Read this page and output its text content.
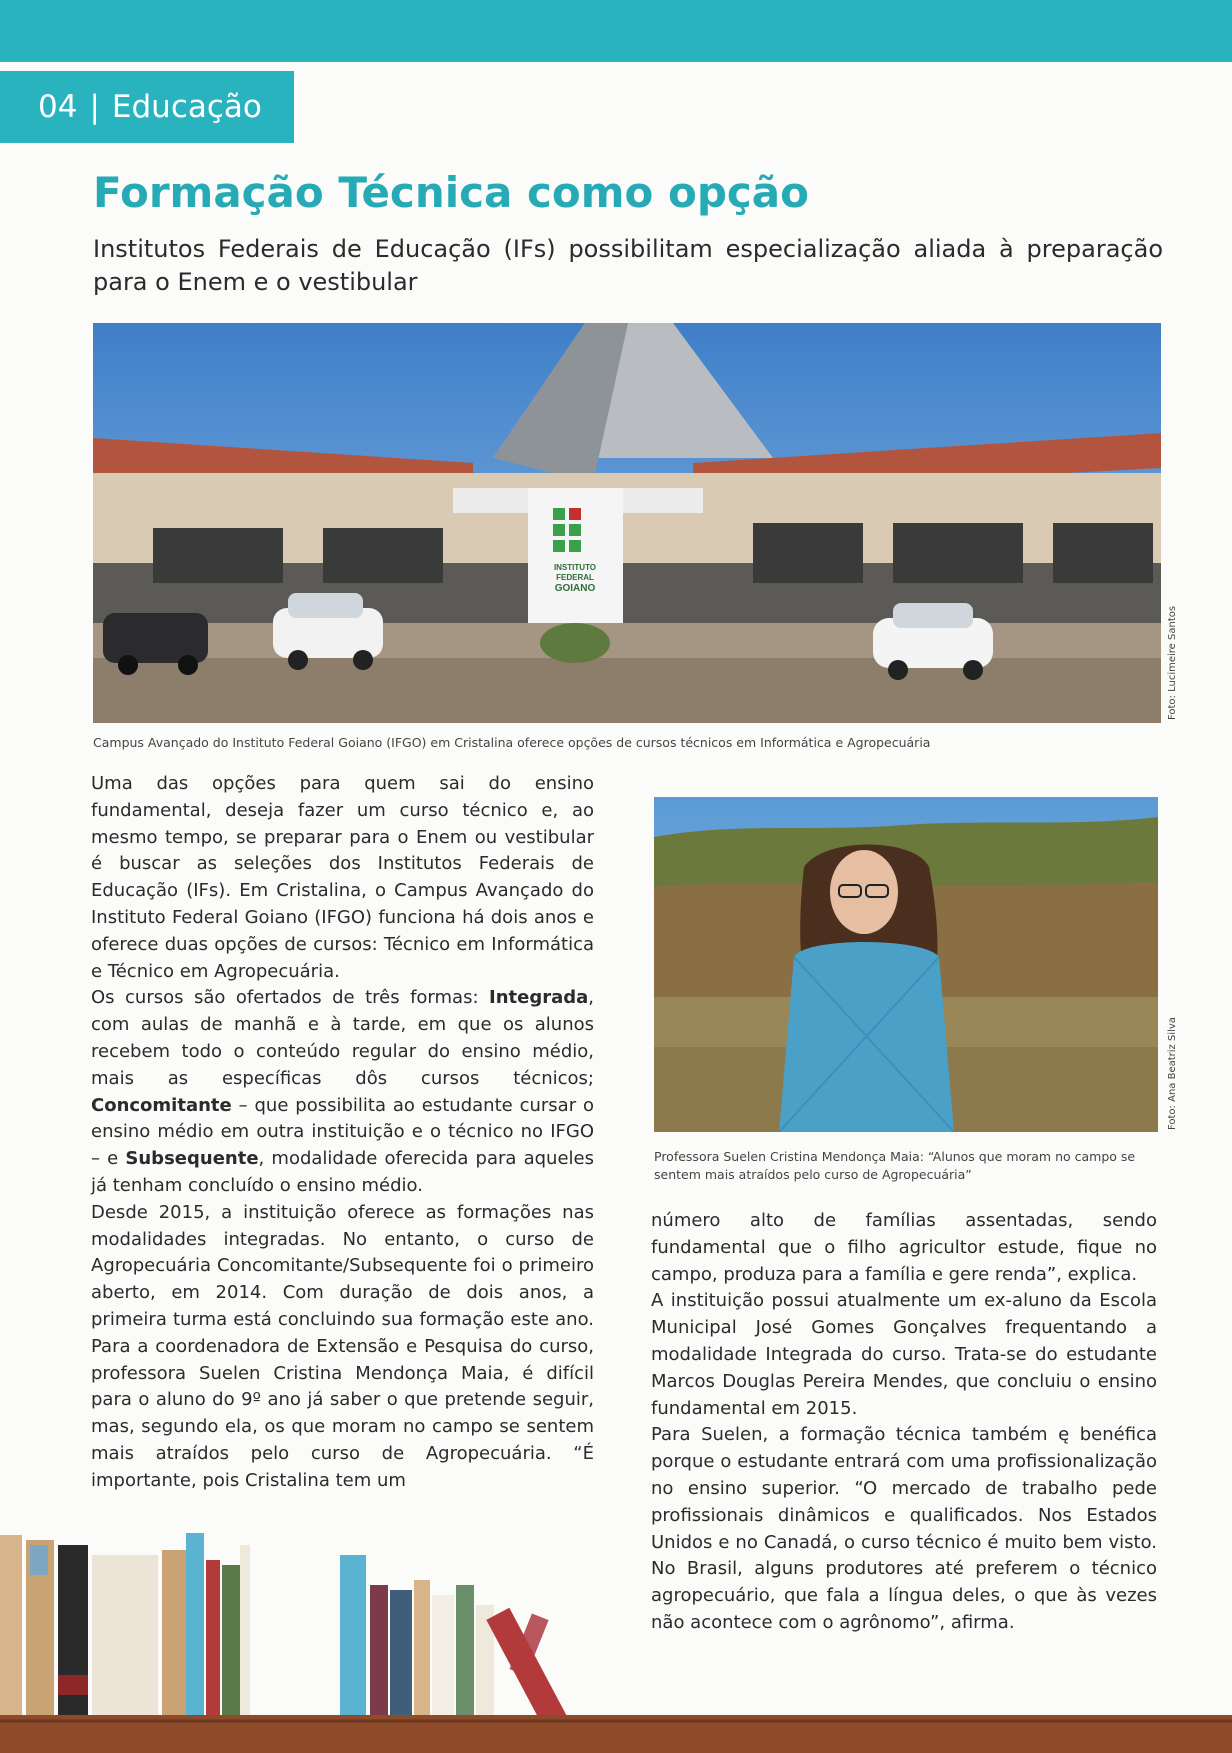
04 | Educação
Formação Técnica como opção

Institutos Federais de Educação (IFs) possibilitam especialização aliada à preparação para o Enem e o vestibular

INSTITUTO
FEDERAL
GOIANO
Foto: Lucimeire Santos

Campus Avançado do Instituto Federal Goiano (IFGO) em Cristalina oferece opções de cursos técnicos em Informática e Agropecuária

Uma das opções para quem sai do ensino fundamental, deseja fazer um curso técnico e, ao mesmo tempo, se preparar para o Enem ou vestibular é buscar as seleções dos Institutos Federais de Educação (IFs). Em Cristalina, o Campus Avançado do Instituto Federal Goiano (IFGO) funciona há dois anos e oferece duas opções de cursos: Técnico em Informática e Técnico em Agropecuária.

Os cursos são ofertados de três formas: Integrada, com aulas de manhã e à tarde, em que os alunos recebem todo o conteúdo regular do ensino médio, mais as específicas dôs cursos técnicos; Concomitante – que possibilita ao estudante cursar o ensino médio em outra instituição e o técnico no IFGO – e Subsequente, modalidade oferecida para aqueles já tenham concluído o ensino médio.

Desde 2015, a instituição oferece as formações nas modalidades integradas. No entanto, o curso de Agropecuária Concomitante/Subsequente foi o primeiro aberto, em 2014. Com duração de dois anos, a primeira turma está concluindo sua formação este ano. Para a coordenadora de Extensão e Pesquisa do curso, professora Suelen Cristina Mendonça Maia, é difícil para o aluno do 9º ano já saber o que pretende seguir, mas, segundo ela, os que moram no campo se sentem mais atraídos pelo curso de Agropecuária. “É importante, pois Cristalina tem um

Foto: Ana Beatriz Silva

Professora Suelen Cristina Mendonça Maia: “Alunos que moram no campo se sentem mais atraídos pelo curso de Agropecuária”

número alto de famílias assentadas, sendo fundamental que o filho agricultor estude, fique no campo, produza para a família e gere renda”, explica.

A instituição possui atualmente um ex-aluno da Escola Municipal José Gomes Gonçalves frequentando a modalidade Integrada do curso. Trata-se do estudante Marcos Douglas Pereira Mendes, que concluiu o ensino fundamental em 2015.

Para Suelen, a formação técnica também ę benéfica porque o estudante entrará com uma profissionalização no ensino superior. “O mercado de trabalho pede profissionais dinâmicos e qualificados. Nos Estados Unidos e no Canadá, o curso técnico é muito bem visto. No Brasil, alguns produtores até preferem o técnico agropecuário, que fala a língua deles, o que às vezes não acontece com o agrônomo”, afirma.
